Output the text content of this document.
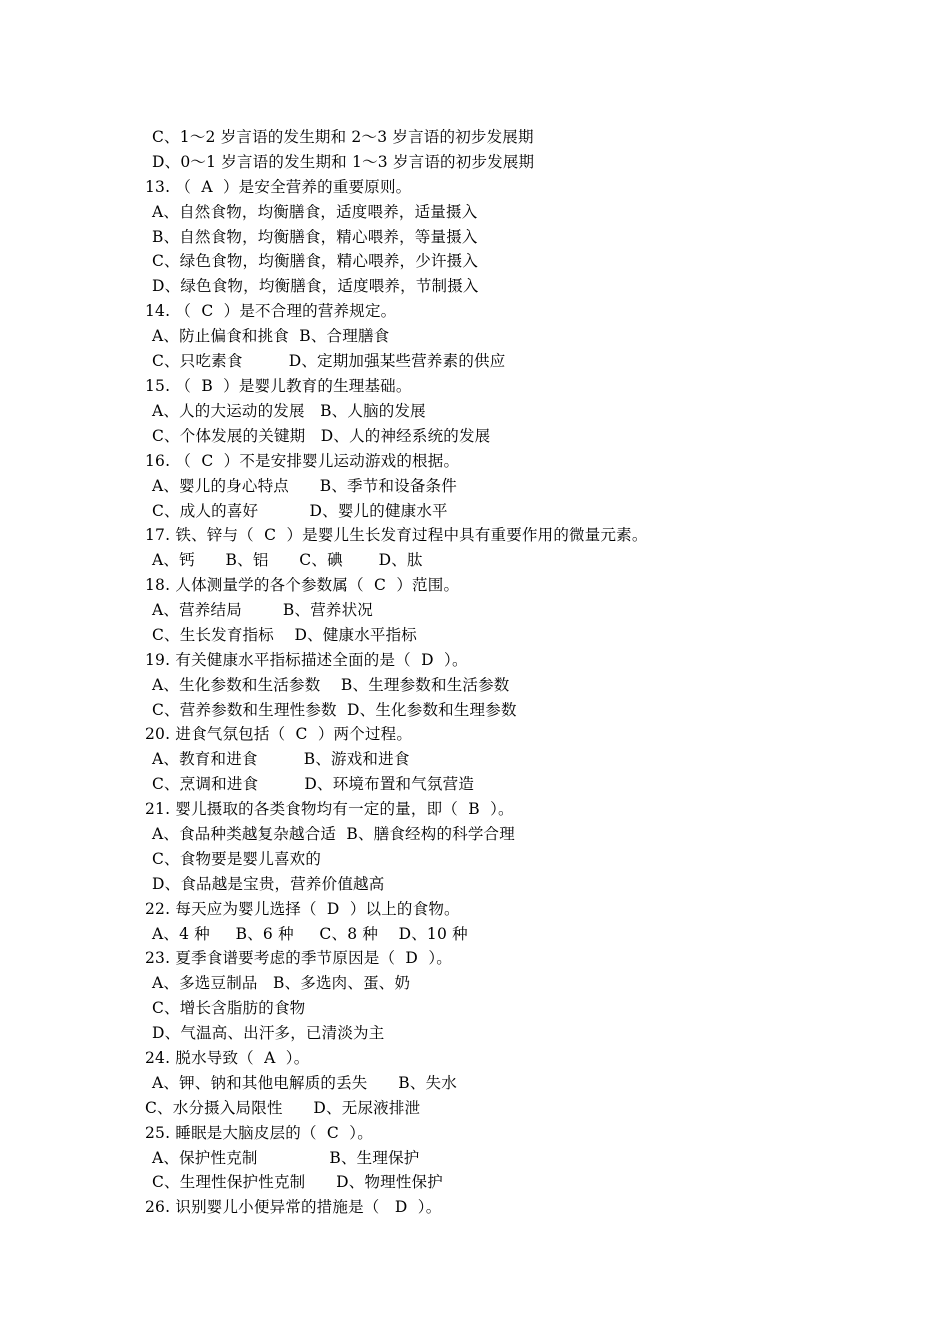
C、1～2 岁言语的发生期和 2～3 岁言语的初步发展期
D、0～1 岁言语的发生期和 1～3 岁言语的初步发展期
13. （  A  ）是安全营养的重要原则。
A、自然食物，均衡膳食，适度喂养，适量摄入
B、自然食物，均衡膳食，精心喂养，等量摄入
C、绿色食物，均衡膳食，精心喂养，少许摄入
D、绿色食物，均衡膳食，适度喂养，节制摄入
14. （  C  ）是不合理的营养规定。
A、防止偏食和挑食  B、合理膳食
C、只吃素食         D、定期加强某些营养素的供应
15. （  B  ）是婴儿教育的生理基础。
A、人的大运动的发展   B、人脑的发展
C、个体发展的关键期   D、人的神经系统的发展
16. （  C  ）不是安排婴儿运动游戏的根据。
A、婴儿的身心特点      B、季节和设备条件
C、成人的喜好          D、婴儿的健康水平
17. 铁、锌与（  C  ）是婴儿生长发育过程中具有重要作用的微量元素。
A、钙      B、铝      C、碘       D、肽
18. 人体测量学的各个参数属（  C  ）范围。
A、营养结局        B、营养状况
C、生长发育指标    D、健康水平指标
19. 有关健康水平指标描述全面的是（  D  ）。
A、生化参数和生活参数    B、生理参数和生活参数
C、营养参数和生理性参数  D、生化参数和生理参数
20. 进食气氛包括（  C  ）两个过程。
A、教育和进食         B、游戏和进食
C、烹调和进食         D、环境布置和气氛营造
21. 婴儿摄取的各类食物均有一定的量，即（  B  ）。
A、食品种类越复杂越合适  B、膳食经构的科学合理
C、食物要是婴儿喜欢的
D、食品越是宝贵，营养价值越高
22. 每天应为婴儿选择（  D  ）以上的食物。
A、4 种     B、6 种     C、8 种    D、10 种
23. 夏季食谱要考虑的季节原因是（  D  ）。
A、多选豆制品   B、多选肉、蛋、奶
C、增长含脂肪的食物
D、气温高、出汗多，已清淡为主
24. 脱水导致（  A  ）。
A、钾、钠和其他电解质的丢失      B、失水
C、水分摄入局限性      D、无尿液排泄
25. 睡眠是大脑皮层的（  C  ）。
A、保护性克制              B、生理保护
C、生理性保护性克制      D、物理性保护
26. 识别婴儿小便异常的措施是（   D  ）。
